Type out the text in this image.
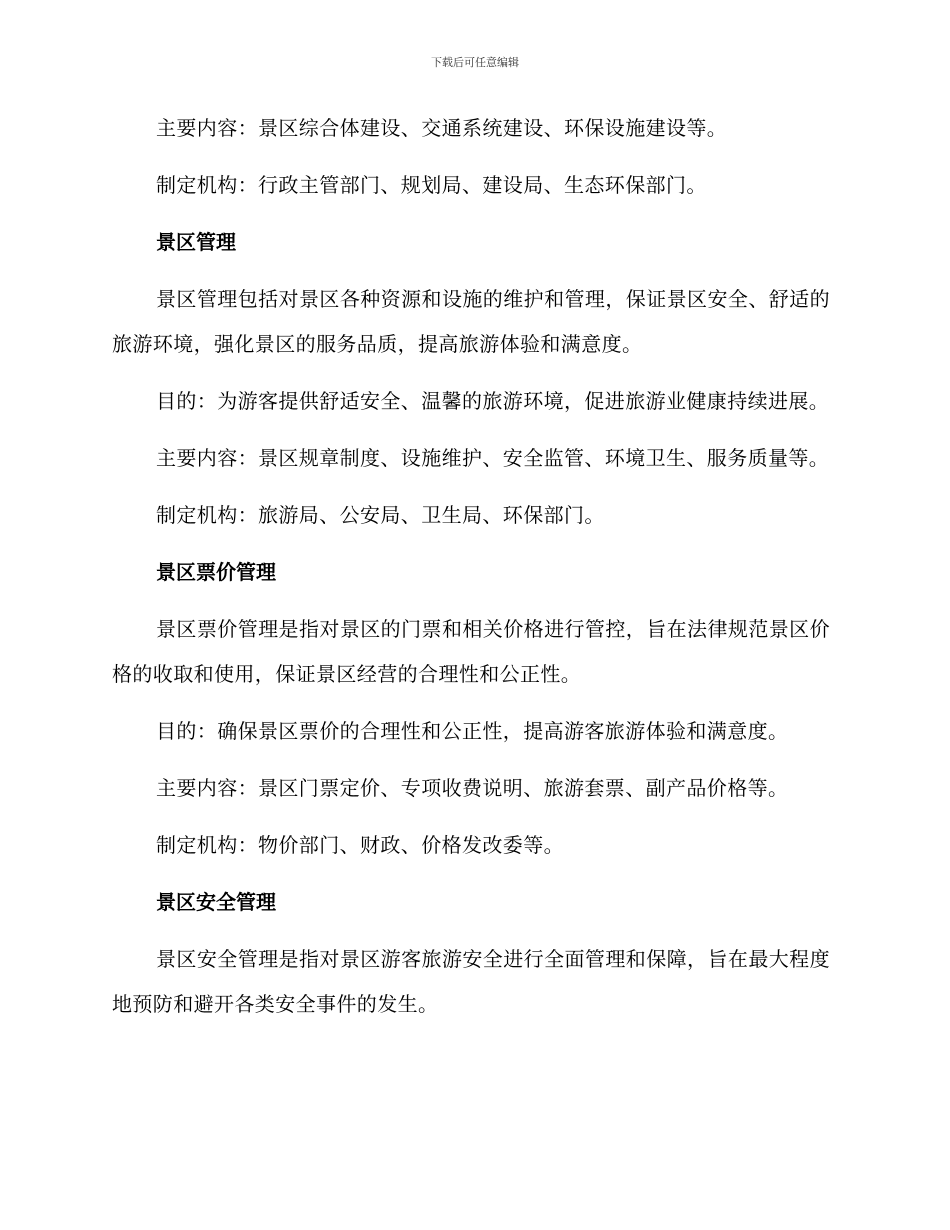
下载后可任意编辑

主要内容：景区综合体建设、交通系统建设、环保设施建设等。

制定机构：行政主管部门、规划局、建设局、生态环保部门。

景区管理

景区管理包括对景区各种资源和设施的维护和管理，保证景区安全、舒适的旅游环境，强化景区的服务品质，提高旅游体验和满意度。

目的：为游客提供舒适安全、温馨的旅游环境，促进旅游业健康持续进展。

主要内容：景区规章制度、设施维护、安全监管、环境卫生、服务质量等。

制定机构：旅游局、公安局、卫生局、环保部门。

景区票价管理

景区票价管理是指对景区的门票和相关价格进行管控，旨在法律规范景区价格的收取和使用，保证景区经营的合理性和公正性。

目的：确保景区票价的合理性和公正性，提高游客旅游体验和满意度。

主要内容：景区门票定价、专项收费说明、旅游套票、副产品价格等。

制定机构：物价部门、财政、价格发改委等。

景区安全管理

景区安全管理是指对景区游客旅游安全进行全面管理和保障，旨在最大程度地预防和避开各类安全事件的发生。
